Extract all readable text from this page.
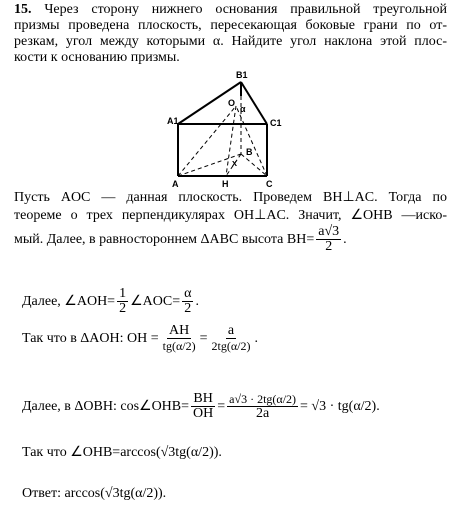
15. Через сторону нижнего основания правильной треугольной
призмы проведена плоскость, пересекающая боковые грани по от-
резкам, угол между которыми α. Найдите угол наклона этой плос-
кости к основанию призмы.
B1
A1	C1
O
α
B
x
A	H	C
Пусть AOC — данная плоскость. Проведем BH⊥AC. Тогда по
теореме о трех перпендикулярах OH⊥AC. Значит, ∠OHB —иско-
мый. Далее, в равностороннем ΔABC высота $BH= \frac{a√3}{2}$ .
Далее, ∠AOH= $\frac{1}{2}$ ∠AOC= $\frac{\alpha}{2}$ .
Так что в ΔAOH: OH = $\frac{AH}{tg(\alpha/2)} = \frac{a}{2tg(\alpha/2)}$ .
Далее, в ΔOBH: cos∠OHB= $\frac{BH}{OH} = \frac{a√3 \cdot 2tg(\alpha/2)}{2a} = √3 \cdot tg(\alpha/2)$.
Так что ∠OHB=arccos(√3tg(α/2)).
Ответ: arccos(√3tg(α/2)).
